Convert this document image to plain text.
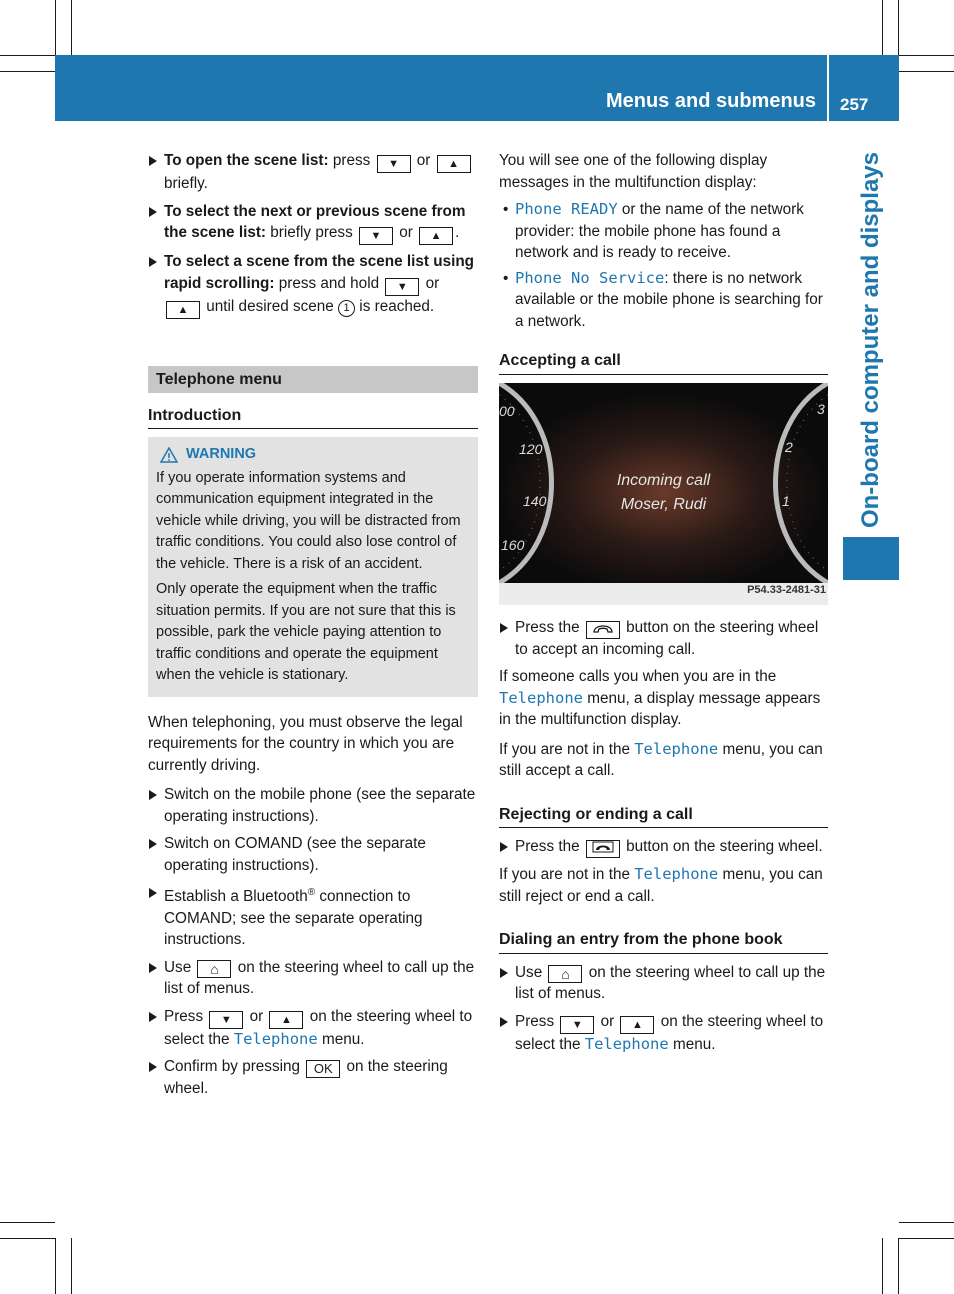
Menus and submenus 257
On-board computer and displays
To open the scene list: press ▼ or ▲ briefly.
To select the next or previous scene from the scene list: briefly press ▼ or ▲ .
To select a scene from the scene list using rapid scrolling: press and hold ▼ or ▲ until desired scene 1 is reached.
Telephone menu
Introduction
WARNING

If you operate information systems and communication equipment integrated in the vehicle while driving, you will be distracted from traffic conditions. You could also lose control of the vehicle. There is a risk of an accident.

Only operate the equipment when the traffic situation permits. If you are not sure that this is possible, park the vehicle paying attention to traffic conditions and operate the equipment when the vehicle is stationary.

When telephoning, you must observe the legal requirements for the country in which you are currently driving.

Switch on the mobile phone (see the separate operating instructions).
Switch on COMAND (see the separate operating instructions).
Establish a Bluetooth® connection to COMAND; see the separate operating instructions.
Use ⌂ on the steering wheel to call up the list of menus.
Press ▼ or ▲ on the steering wheel to select the Telephone menu.
Confirm by pressing OK on the steering wheel.

You will see one of the following display messages in the multifunction display:

• Phone READY or the name of the network provider: the mobile phone has found a network and is ready to receive.
• Phone No Service: there is no network available or the mobile phone is searching for a network.
Accepting a call
00
120
140
160
3
2
1
Incoming call
Moser, Rudi
P54.33-2481-31
Press the  button on the steering wheel to accept an incoming call.

If someone calls you when you are in the Telephone menu, a display message appears in the multifunction display.

If you are not in the Telephone menu, you can still accept a call.

Rejecting or ending a call
Press the  button on the steering wheel.

If you are not in the Telephone menu, you can still reject or end a call.

Dialing an entry from the phone book
Use ⌂ on the steering wheel to call up the list of menus.
Press ▼ or ▲ on the steering wheel to select the Telephone menu.
